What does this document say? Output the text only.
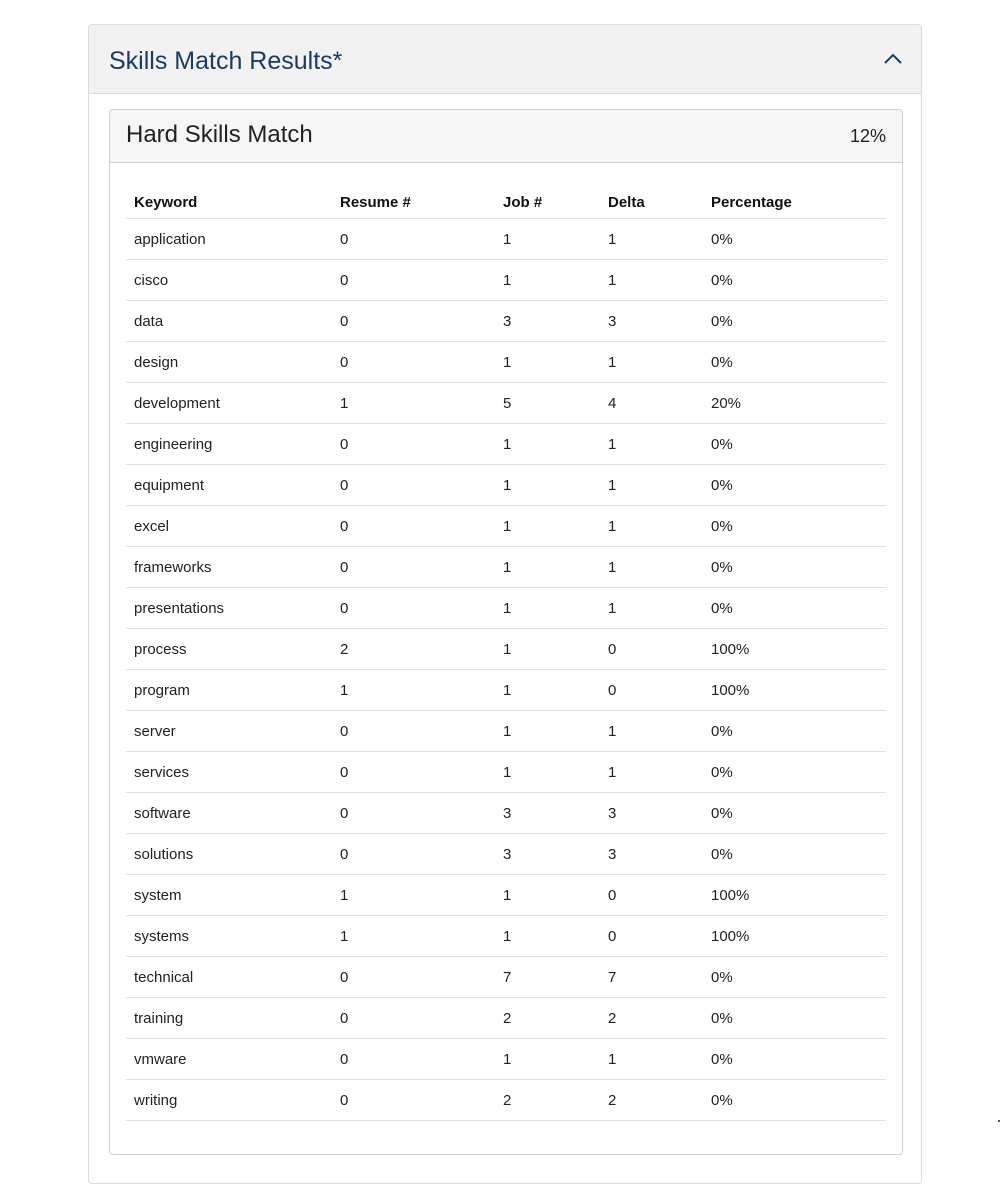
Skills Match Results*
Hard Skills Match	12%
Keyword	Resume #	Job #	Delta	Percentage
application	0	1	1	0%
cisco	0	1	1	0%
data	0	3	3	0%
design	0	1	1	0%
development	1	5	4	20%
engineering	0	1	1	0%
equipment	0	1	1	0%
excel	0	1	1	0%
frameworks	0	1	1	0%
presentations	0	1	1	0%
process	2	1	0	100%
program	1	1	0	100%
server	0	1	1	0%
services	0	1	1	0%
software	0	3	3	0%
solutions	0	3	3	0%
system	1	1	0	100%
systems	1	1	0	100%
technical	0	7	7	0%
training	0	2	2	0%
vmware	0	1	1	0%
writing	0	2	2	0%
